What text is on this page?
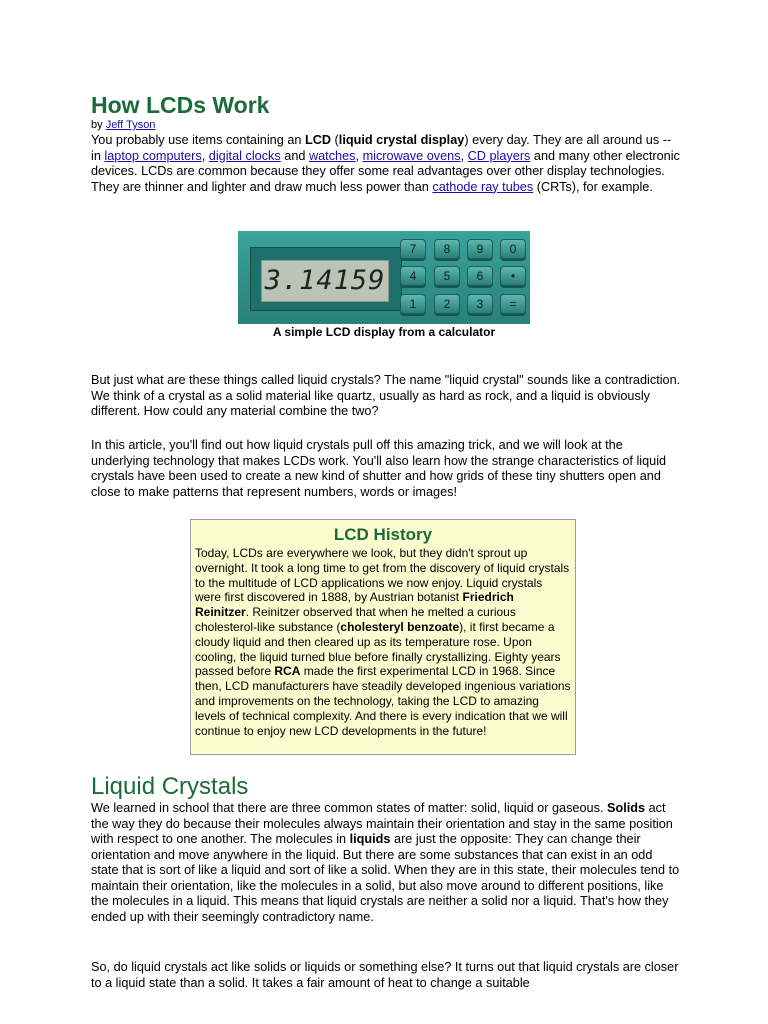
How LCDs Work
by Jeff Tyson

You probably use items containing an LCD (liquid crystal display) every day. They are all around us -- in laptop computers, digital clocks and watches, microwave ovens, CD players and many other electronic devices. LCDs are common because they offer some real advantages over other display technologies. They are thinner and lighter and draw much less power than cathode ray tubes (CRTs), for example.

3.14159
7	8	9	0
4	5	6	•
1	2	3	=
A simple LCD display from a calculator

But just what are these things called liquid crystals? The name "liquid crystal" sounds like a contradiction. We think of a crystal as a solid material like quartz, usually as hard as rock, and a liquid is obviously different. How could any material combine the two?

In this article, you'll find out how liquid crystals pull off this amazing trick, and we will look at the underlying technology that makes LCDs work. You'll also learn how the strange characteristics of liquid crystals have been used to create a new kind of shutter and how grids of these tiny shutters open and close to make patterns that represent numbers, words or images!

LCD History

Today, LCDs are everywhere we look, but they didn't sprout up overnight. It took a long time to get from the discovery of liquid crystals to the multitude of LCD applications we now enjoy. Liquid crystals were first discovered in 1888, by Austrian botanist Friedrich Reinitzer. Reinitzer observed that when he melted a curious cholesterol-like substance (cholesteryl benzoate), it first became a cloudy liquid and then cleared up as its temperature rose. Upon cooling, the liquid turned blue before finally crystallizing. Eighty years passed before RCA made the first experimental LCD in 1968. Since then, LCD manufacturers have steadily developed ingenious variations and improvements on the technology, taking the LCD to amazing levels of technical complexity. And there is every indication that we will continue to enjoy new LCD developments in the future!

Liquid Crystals

We learned in school that there are three common states of matter: solid, liquid or gaseous. Solids act the way they do because their molecules always maintain their orientation and stay in the same position with respect to one another. The molecules in liquids are just the opposite: They can change their orientation and move anywhere in the liquid. But there are some substances that can exist in an odd state that is sort of like a liquid and sort of like a solid. When they are in this state, their molecules tend to maintain their orientation, like the molecules in a solid, but also move around to different positions, like the molecules in a liquid. This means that liquid crystals are neither a solid nor a liquid. That's how they ended up with their seemingly contradictory name.

So, do liquid crystals act like solids or liquids or something else? It turns out that liquid crystals are closer to a liquid state than a solid. It takes a fair amount of heat to change a suitable
